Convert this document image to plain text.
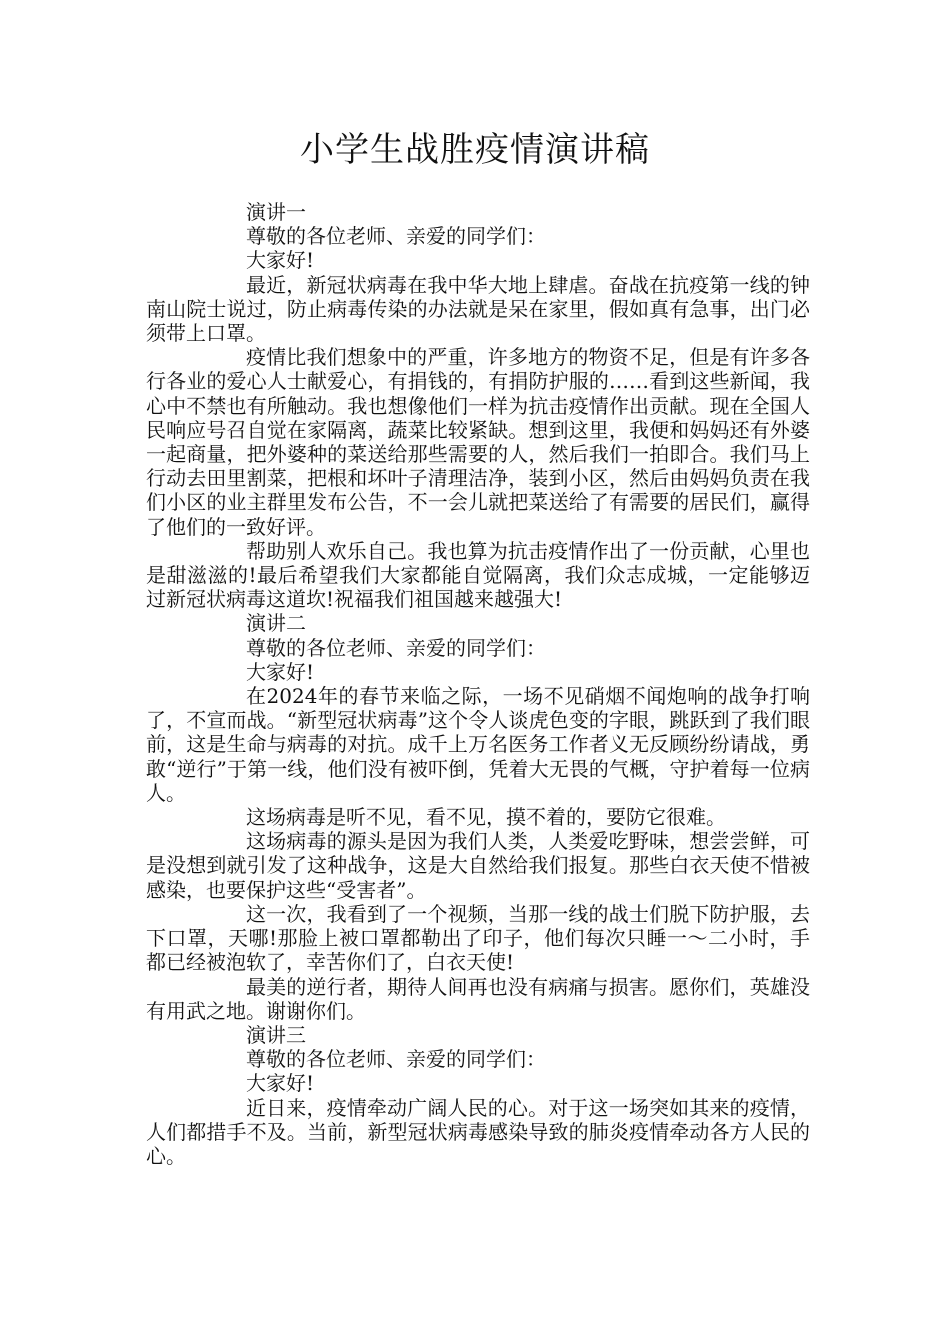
小学生战胜疫情演讲稿

演讲一

尊敬的各位老师、亲爱的同学们：

大家好!

最近，新冠状病毒在我中华大地上肆虐。奋战在抗疫第一线的钟南山院士说过，防止病毒传染的办法就是呆在家里，假如真有急事，出门必须带上口罩。

疫情比我们想象中的严重，许多地方的物资不足，但是有许多各行各业的爱心人士献爱心，有捐钱的，有捐防护服的……看到这些新闻，我心中不禁也有所触动。我也想像他们一样为抗击疫情作出贡献。现在全国人民响应号召自觉在家隔离，蔬菜比较紧缺。想到这里，我便和妈妈还有外婆一起商量，把外婆种的菜送给那些需要的人，然后我们一拍即合。我们马上行动去田里割菜，把根和坏叶子清理洁净，装到小区，然后由妈妈负责在我们小区的业主群里发布公告，不一会儿就把菜送给了有需要的居民们，赢得了他们的一致好评。

帮助别人欢乐自己。我也算为抗击疫情作出了一份贡献，心里也是甜滋滋的!最后希望我们大家都能自觉隔离，我们众志成城，一定能够迈过新冠状病毒这道坎!祝福我们祖国越来越强大!

演讲二

尊敬的各位老师、亲爱的同学们：

大家好!

在2024年的春节来临之际，一场不见硝烟不闻炮响的战争打响了，不宣而战。“新型冠状病毒”这个令人谈虎色变的字眼，跳跃到了我们眼前，这是生命与病毒的对抗。成千上万名医务工作者义无反顾纷纷请战，勇敢“逆行”于第一线，他们没有被吓倒，凭着大无畏的气概，守护着每一位病人。

这场病毒是听不见，看不见，摸不着的，要防它很难。

这场病毒的源头是因为我们人类，人类爱吃野味，想尝尝鲜，可是没想到就引发了这种战争，这是大自然给我们报复。那些白衣天使不惜被感染，也要保护这些“受害者”。

这一次，我看到了一个视频，当那一线的战士们脱下防护服，去下口罩，天哪!那脸上被口罩都勒出了印子，他们每次只睡一～二小时，手都已经被泡软了，幸苦你们了，白衣天使!

最美的逆行者，期待人间再也没有病痛与损害。愿你们，英雄没有用武之地。谢谢你们。

演讲三

尊敬的各位老师、亲爱的同学们：

大家好!

近日来，疫情牵动广阔人民的心。对于这一场突如其来的疫情，人们都措手不及。当前，新型冠状病毒感染导致的肺炎疫情牵动各方人民的心。
